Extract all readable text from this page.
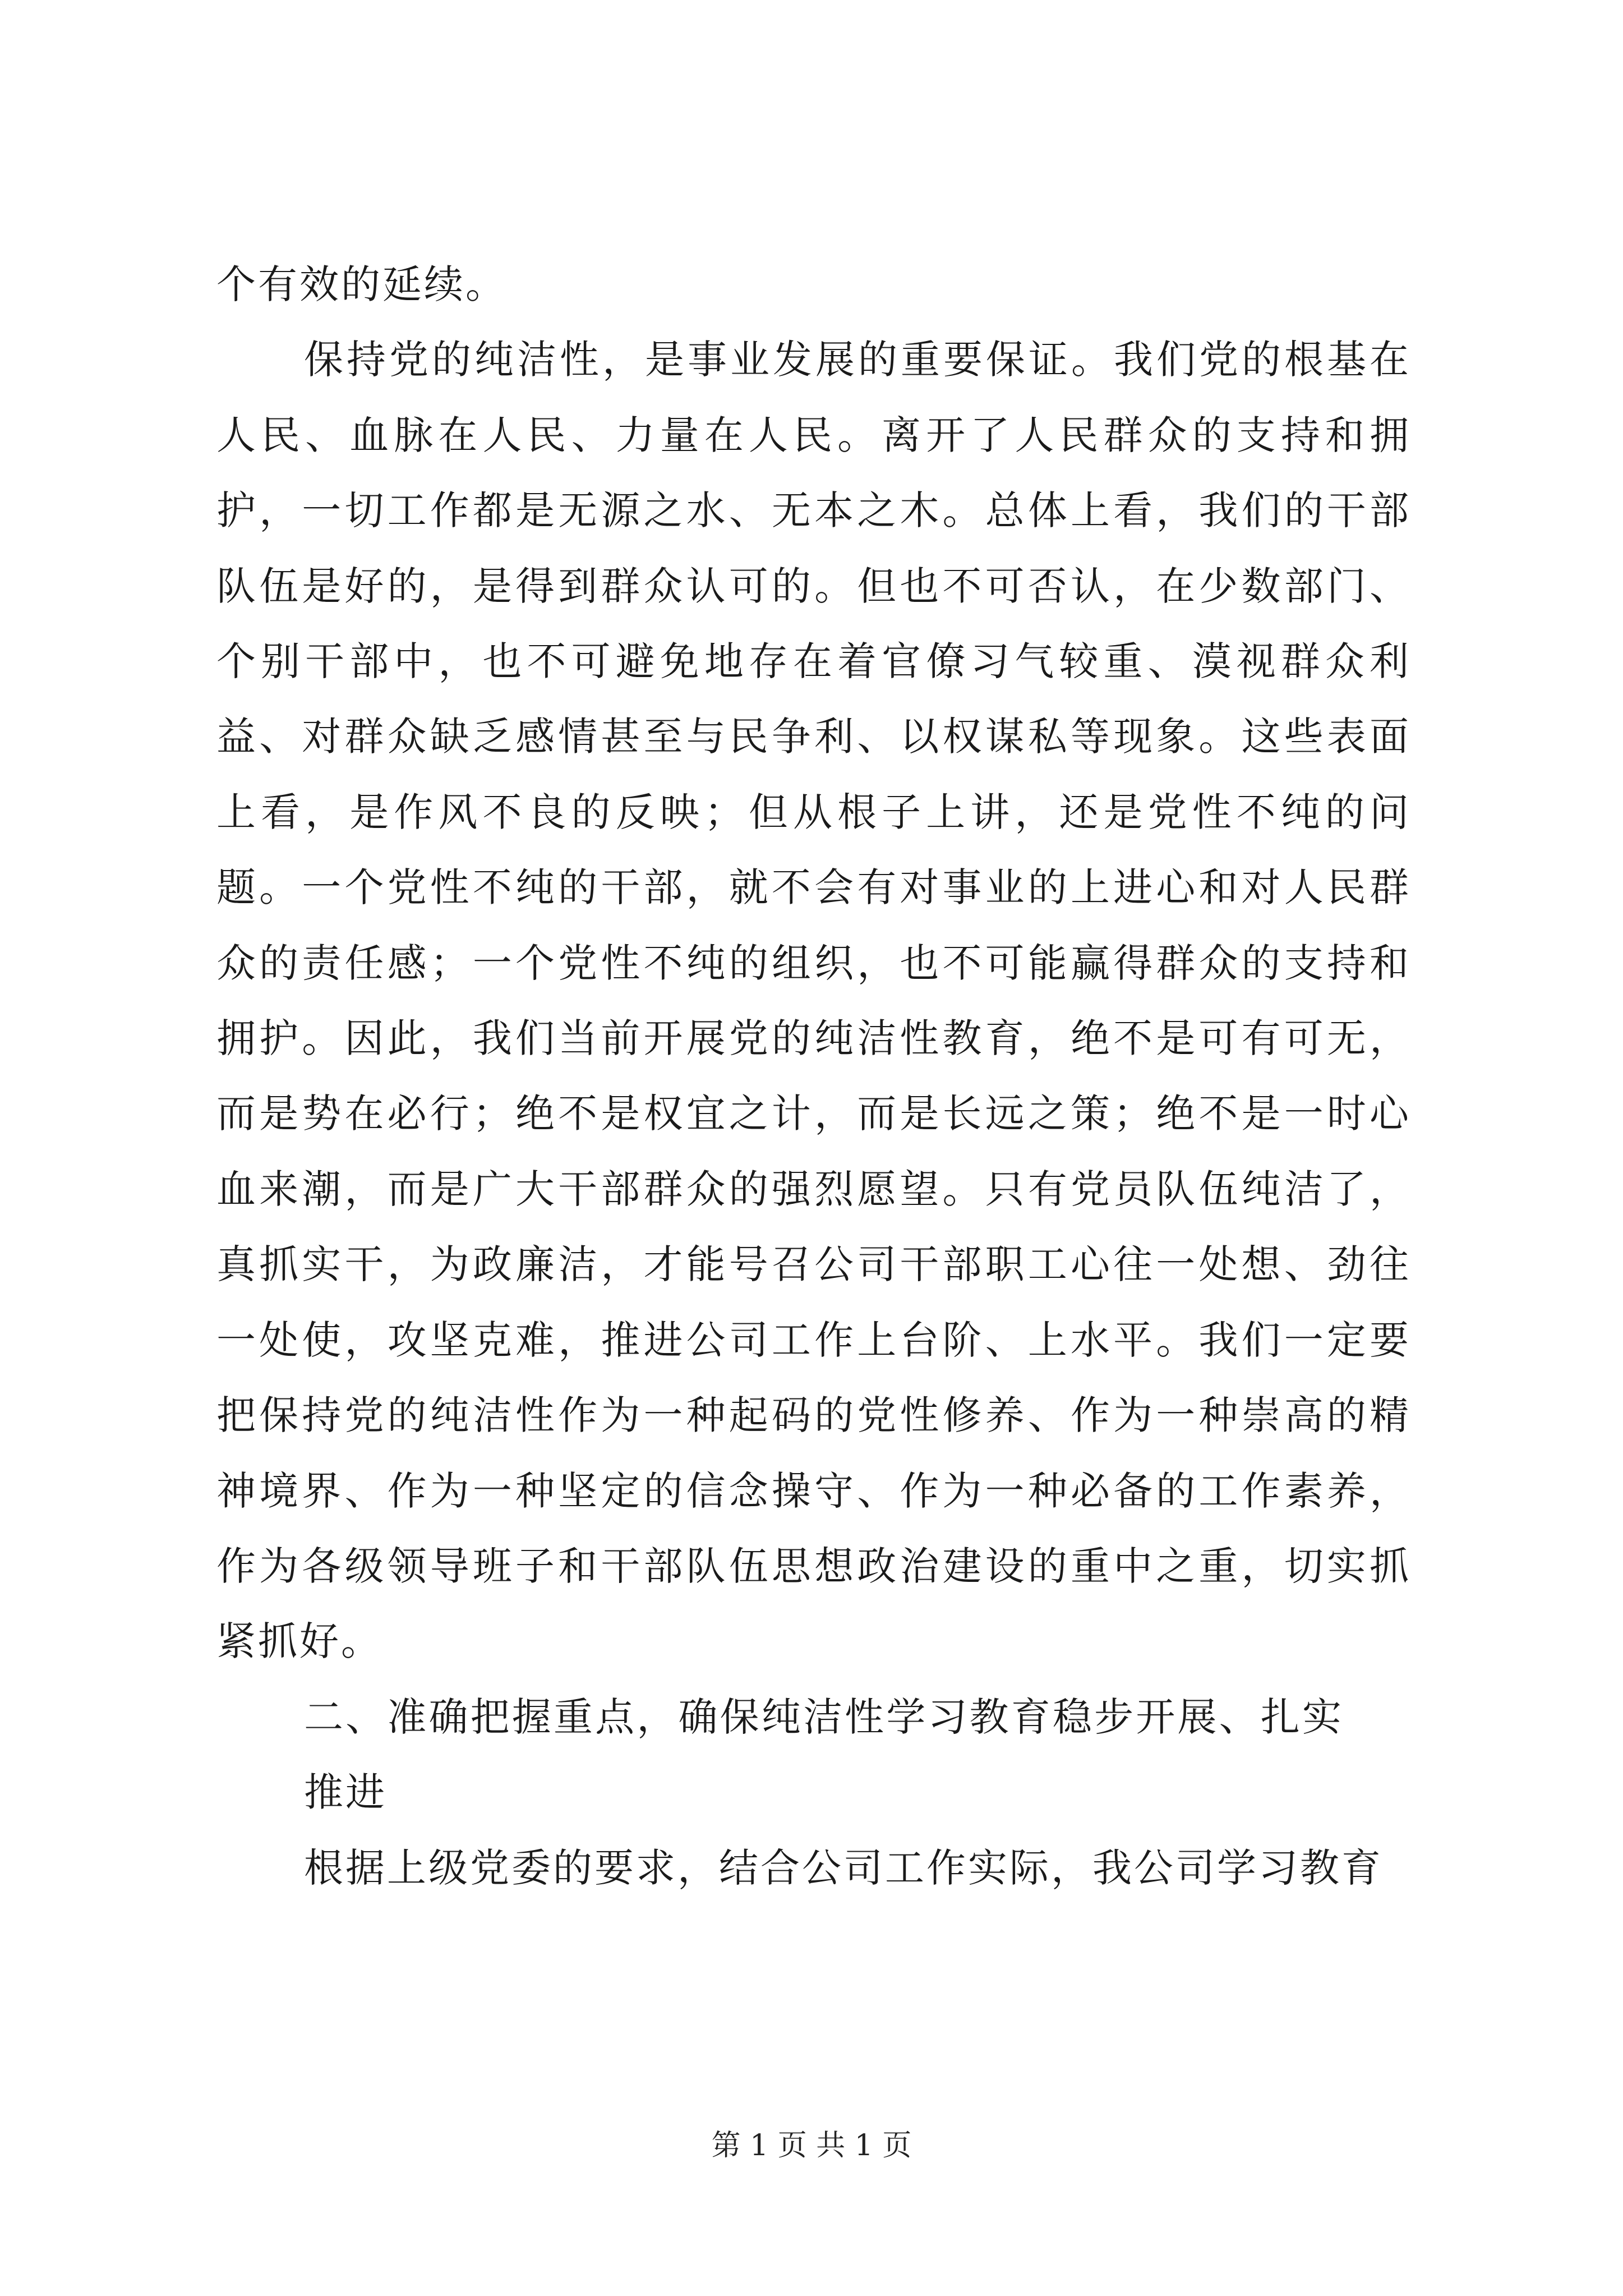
个有效的延续。

保持党的纯洁性，是事业发展的重要保证。我们党的根基在人民、血脉在人民、力量在人民。离开了人民群众的支持和拥护，一切工作都是无源之水、无本之木。总体上看，我们的干部队伍是好的，是得到群众认可的。但也不可否认，在少数部门、个别干部中，也不可避免地存在着官僚习气较重、漠视群众利益、对群众缺乏感情甚至与民争利、以权谋私等现象。这些表面上看，是作风不良的反映；但从根子上讲，还是党性不纯的问题。一个党性不纯的干部，就不会有对事业的上进心和对人民群众的责任感；一个党性不纯的组织，也不可能赢得群众的支持和拥护。因此，我们当前开展党的纯洁性教育，绝不是可有可无，而是势在必行；绝不是权宜之计，而是长远之策；绝不是一时心血来潮，而是广大干部群众的强烈愿望。只有党员队伍纯洁了，真抓实干，为政廉洁，才能号召公司干部职工心往一处想、劲往一处使，攻坚克难，推进公司工作上台阶、上水平。我们一定要把保持党的纯洁性作为一种起码的党性修养、作为一种崇高的精神境界、作为一种坚定的信念操守、作为一种必备的工作素养，作为各级领导班子和干部队伍思想政治建设的重中之重，切实抓紧抓好。

二、准确把握重点，确保纯洁性学习教育稳步开展、扎实推进

根据上级党委的要求，结合公司工作实际，我公司学习教育

第 1 页 共 1 页
